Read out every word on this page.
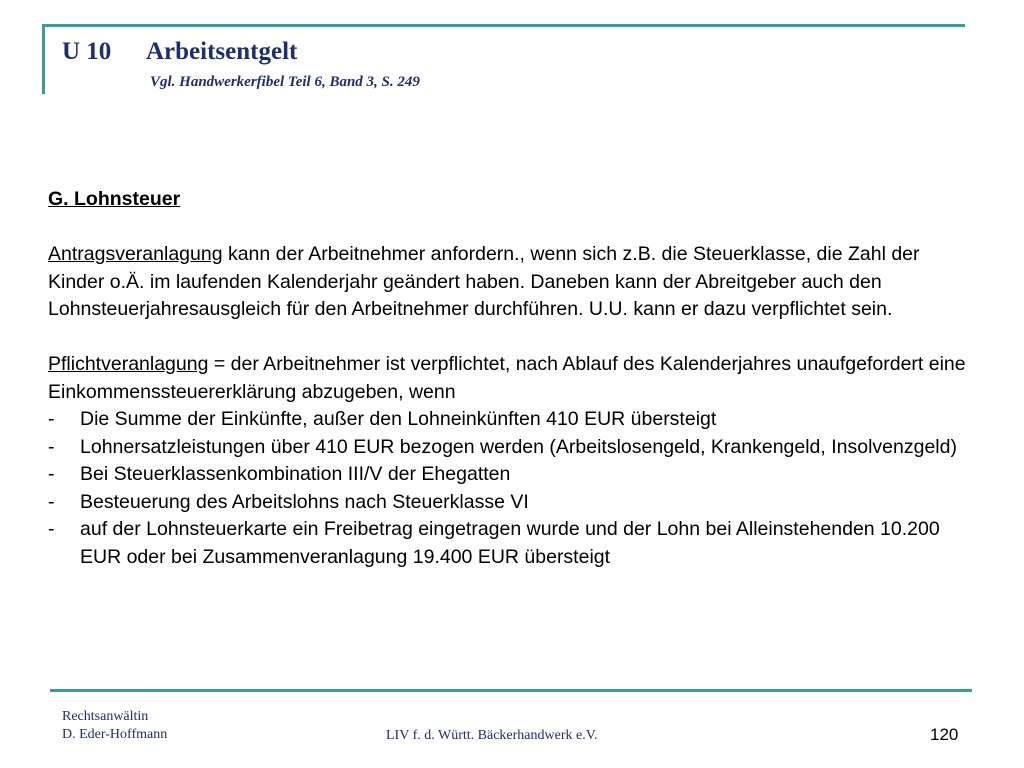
U 10 Arbeitsentgelt
Vgl. Handwerkerfibel Teil 6, Band 3, S. 249

G. Lohnsteuer

Antragsveranlagung kann der Arbeitnehmer anfordern., wenn sich z.B. die Steuerklasse, die Zahl der Kinder o.Ä. im laufenden Kalenderjahr geändert haben. Daneben kann der Abreitgeber auch den Lohnsteuerjahresausgleich für den Arbeitnehmer durchführen. U.U. kann er dazu verpflichtet sein.

Pflichtveranlagung = der Arbeitnehmer ist verpflichtet, nach Ablauf des Kalenderjahres unaufgefordert eine Einkommenssteuererklärung abzugeben, wenn

- Die Summe der Einkünfte, außer den Lohneinkünften 410 EUR übersteigt
- Lohnersatzleistungen über 410 EUR bezogen werden (Arbeitslosengeld, Krankengeld, Insolvenzgeld)
- Bei Steuerklassenkombination III/V der Ehegatten
- Besteuerung des Arbeitslohns nach Steuerklasse VI
- auf der Lohnsteuerkarte ein Freibetrag eingetragen wurde und der Lohn bei Alleinstehenden 10.200 EUR oder bei Zusammenveranlagung 19.400 EUR übersteigt
Rechtsanwältin
D. Eder-Hoffmann	LIV f. d. Württ. Bäckerhandwerk e.V.	120
